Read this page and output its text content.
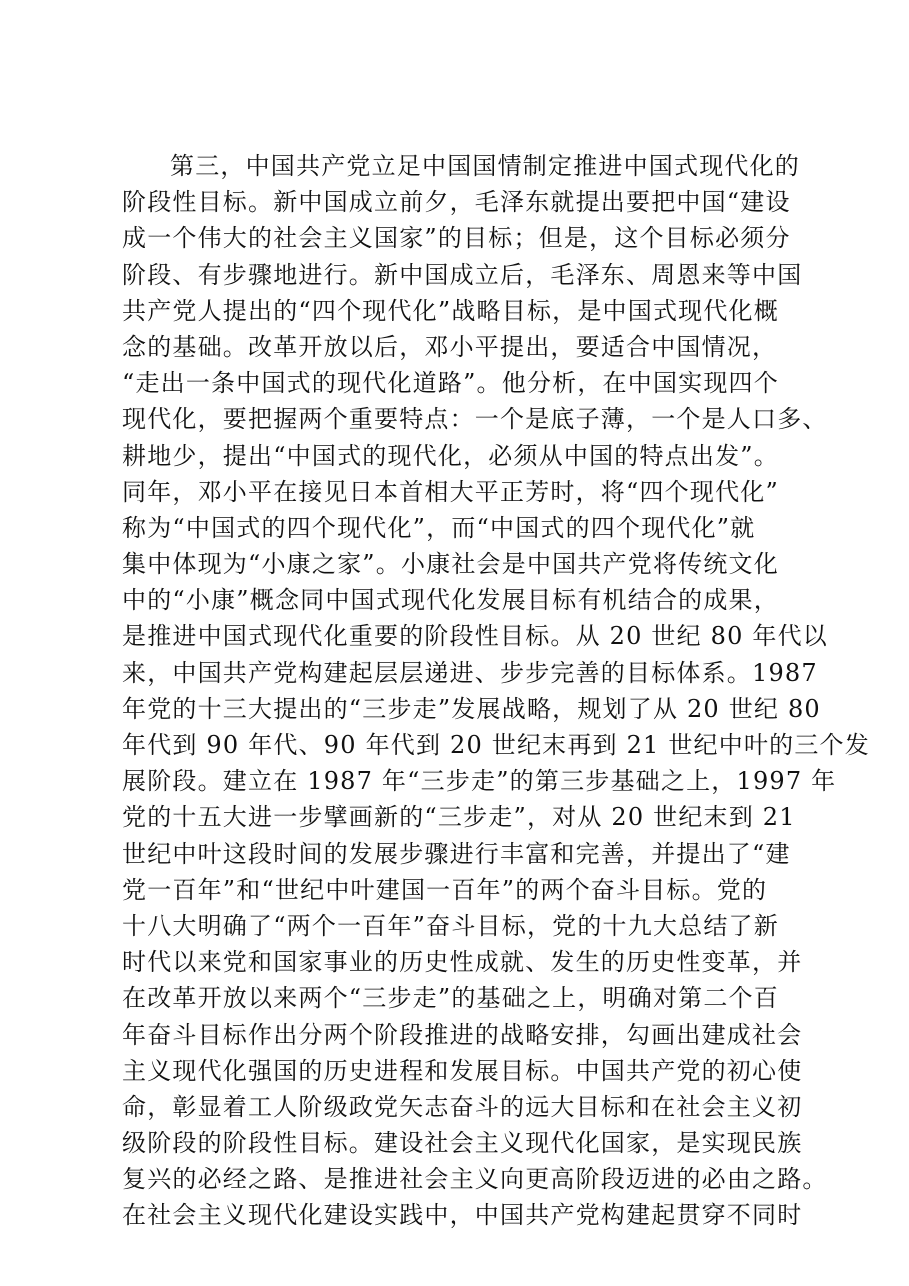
第三，中国共产党立足中国国情制定推进中国式现代化的
阶段性目标。新中国成立前夕，毛泽东就提出要把中国“建设
成一个伟大的社会主义国家”的目标；但是，这个目标必须分
阶段、有步骤地进行。新中国成立后，毛泽东、周恩来等中国
共产党人提出的“四个现代化”战略目标，是中国式现代化概
念的基础。改革开放以后，邓小平提出，要适合中国情况，
“走出一条中国式的现代化道路”。他分析，在中国实现四个
现代化，要把握两个重要特点：一个是底子薄，一个是人口多、
耕地少，提出“中国式的现代化，必须从中国的特点出发”。
同年，邓小平在接见日本首相大平正芳时，将“四个现代化”
称为“中国式的四个现代化”，而“中国式的四个现代化”就
集中体现为“小康之家”。小康社会是中国共产党将传统文化
中的“小康”概念同中国式现代化发展目标有机结合的成果，
是推进中国式现代化重要的阶段性目标。从 20 世纪 80 年代以
来，中国共产党构建起层层递进、步步完善的目标体系。1987
年党的十三大提出的“三步走”发展战略，规划了从 20 世纪 80
年代到 90 年代、90 年代到 20 世纪末再到 21 世纪中叶的三个发
展阶段。建立在 1987 年“三步走”的第三步基础之上，1997 年
党的十五大进一步擘画新的“三步走”，对从 20 世纪末到 21
世纪中叶这段时间的发展步骤进行丰富和完善，并提出了“建
党一百年”和“世纪中叶建国一百年”的两个奋斗目标。党的
十八大明确了“两个一百年”奋斗目标，党的十九大总结了新
时代以来党和国家事业的历史性成就、发生的历史性变革，并
在改革开放以来两个“三步走”的基础之上，明确对第二个百
年奋斗目标作出分两个阶段推进的战略安排，勾画出建成社会
主义现代化强国的历史进程和发展目标。中国共产党的初心使
命，彰显着工人阶级政党矢志奋斗的远大目标和在社会主义初
级阶段的阶段性目标。建设社会主义现代化国家，是实现民族
复兴的必经之路、是推进社会主义向更高阶段迈进的必由之路。
在社会主义现代化建设实践中，中国共产党构建起贯穿不同时
